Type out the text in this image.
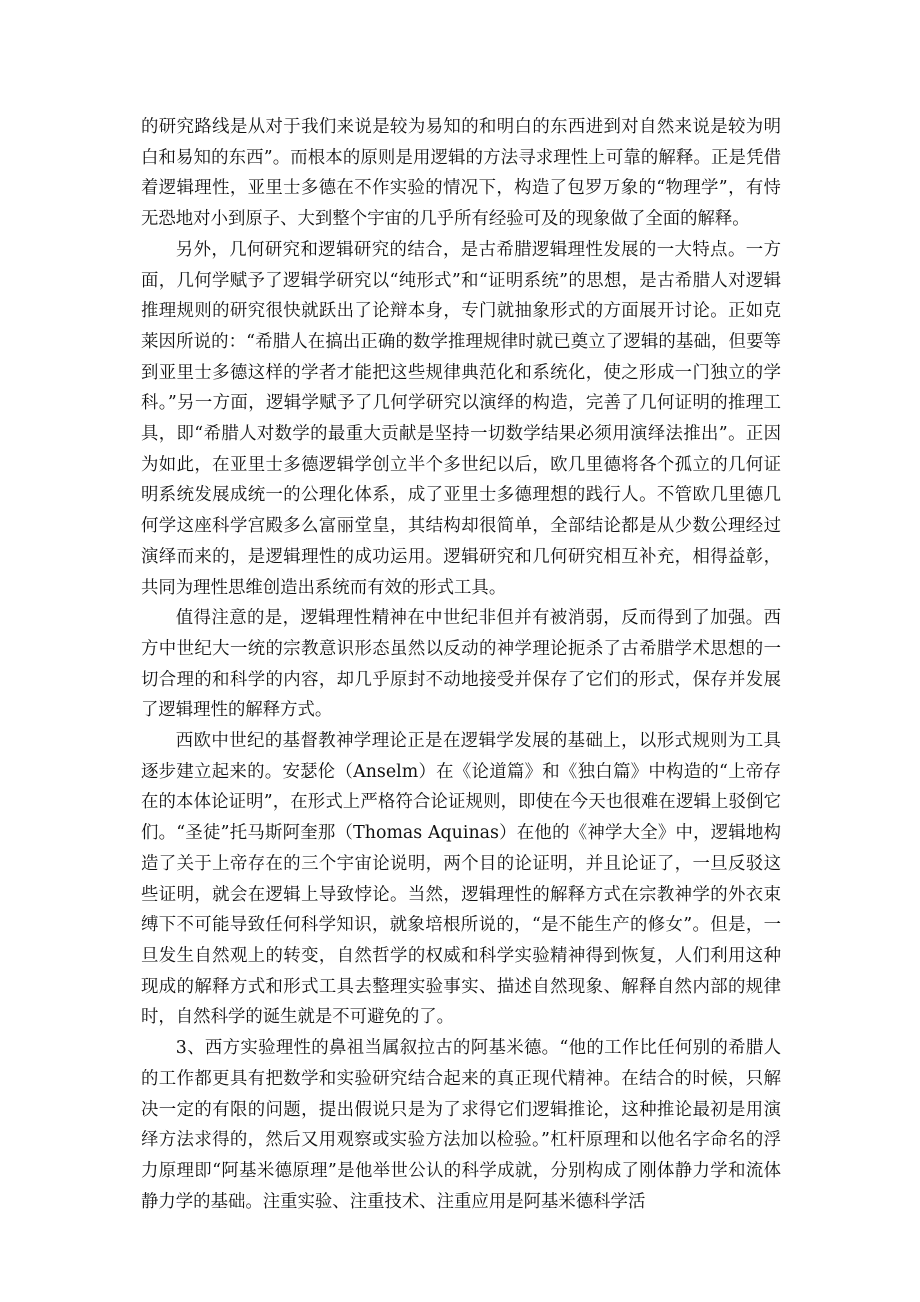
的研究路线是从对于我们来说是较为易知的和明白的东西进到对自然来说是较为明白和易知的东西”。而根本的原则是用逻辑的方法寻求理性上可靠的解释。正是凭借着逻辑理性，亚里士多德在不作实验的情况下，构造了包罗万象的“物理学”，有恃无恐地对小到原子、大到整个宇宙的几乎所有经验可及的现象做了全面的解释。

另外，几何研究和逻辑研究的结合，是古希腊逻辑理性发展的一大特点。一方面，几何学赋予了逻辑学研究以“纯形式”和“证明系统”的思想，是古希腊人对逻辑推理规则的研究很快就跃出了论辩本身，专门就抽象形式的方面展开讨论。正如克莱因所说的：“希腊人在搞出正确的数学推理规律时就已奠立了逻辑的基础，但要等到亚里士多德这样的学者才能把这些规律典范化和系统化，使之形成一门独立的学科。”另一方面，逻辑学赋予了几何学研究以演绎的构造，完善了几何证明的推理工具，即“希腊人对数学的最重大贡献是坚持一切数学结果必须用演绎法推出”。正因为如此，在亚里士多德逻辑学创立半个多世纪以后，欧几里德将各个孤立的几何证明系统发展成统一的公理化体系，成了亚里士多德理想的践行人。不管欧几里德几何学这座科学宫殿多么富丽堂皇，其结构却很简单，全部结论都是从少数公理经过演绎而来的，是逻辑理性的成功运用。逻辑研究和几何研究相互补充，相得益彰，共同为理性思维创造出系统而有效的形式工具。

值得注意的是，逻辑理性精神在中世纪非但并有被消弱，反而得到了加强。西方中世纪大一统的宗教意识形态虽然以反动的神学理论扼杀了古希腊学术思想的一切合理的和科学的内容，却几乎原封不动地接受并保存了它们的形式，保存并发展了逻辑理性的解释方式。

西欧中世纪的基督教神学理论正是在逻辑学发展的基础上，以形式规则为工具逐步建立起来的。安瑟伦（Anselm）在《论道篇》和《独白篇》中构造的“上帝存在的本体论证明”，在形式上严格符合论证规则，即使在今天也很难在逻辑上驳倒它们。“圣徒”托马斯阿奎那（Thomas Aquinas）在他的《神学大全》中，逻辑地构造了关于上帝存在的三个宇宙论说明，两个目的论证明，并且论证了，一旦反驳这些证明，就会在逻辑上导致悖论。当然，逻辑理性的解释方式在宗教神学的外衣束缚下不可能导致任何科学知识，就象培根所说的，“是不能生产的修女”。但是，一旦发生自然观上的转变，自然哲学的权威和科学实验精神得到恢复，人们利用这种现成的解释方式和形式工具去整理实验事实、描述自然现象、解释自然内部的规律时，自然科学的诞生就是不可避免的了。

3、西方实验理性的鼻祖当属叙拉古的阿基米德。“他的工作比任何别的希腊人的工作都更具有把数学和实验研究结合起来的真正现代精神。在结合的时候，只解决一定的有限的问题，提出假说只是为了求得它们逻辑推论，这种推论最初是用演绎方法求得的，然后又用观察或实验方法加以检验。”杠杆原理和以他名字命名的浮力原理即“阿基米德原理”是他举世公认的科学成就，分别构成了刚体静力学和流体静力学的基础。注重实验、注重技术、注重应用是阿基米德科学活
